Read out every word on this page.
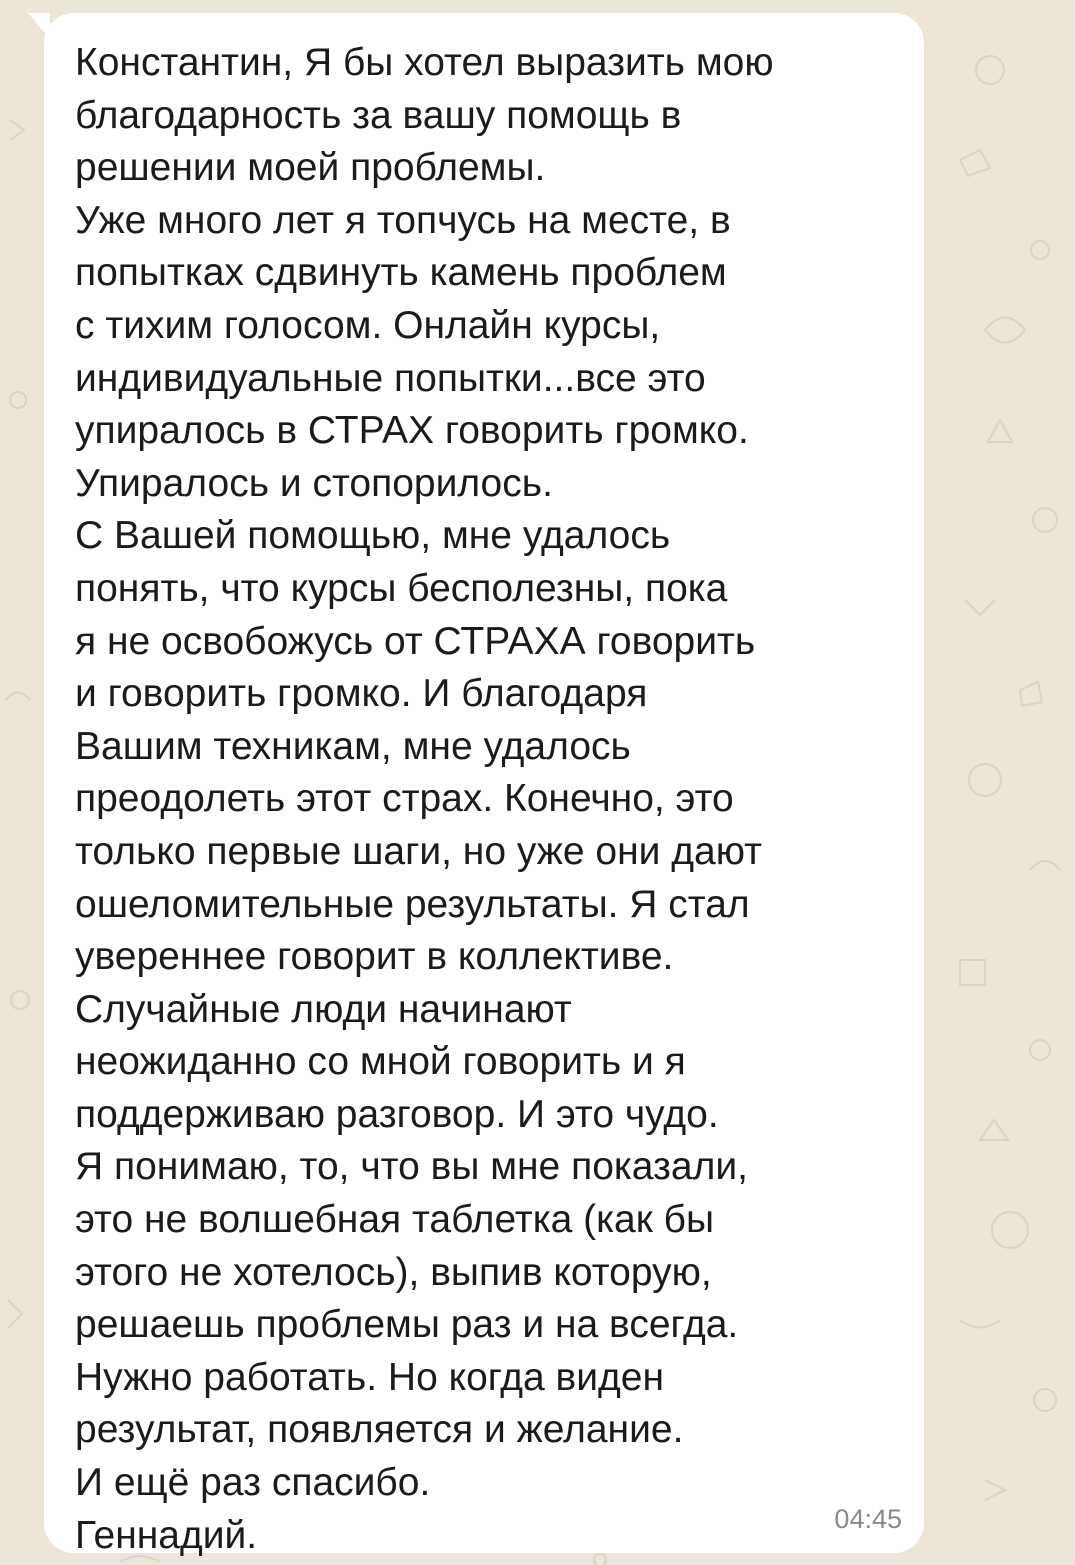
Константин, Я бы хотел выразить мою
благодарность за вашу помощь в
решении моей проблемы.
Уже много лет я топчусь на месте, в
попытках сдвинуть камень проблем
с тихим голосом. Онлайн курсы,
индивидуальные попытки...все это
упиралось в СТРАХ говорить громко.
Упиралось и стопорилось.
С Вашей помощью, мне удалось
понять, что курсы бесполезны, пока
я не освобожусь от СТРАХА говорить
и говорить громко. И благодаря
Вашим техникам, мне удалось
преодолеть этот страх. Конечно, это
только первые шаги, но уже они дают
ошеломительные результаты. Я стал
увереннее говорит в коллективе.
Случайные люди начинают
неожиданно со мной говорить и я
поддерживаю разговор. И это чудо.
Я понимаю, то, что вы мне показали,
это не волшебная таблетка (как бы
этого не хотелось), выпив которую,
решаешь проблемы раз и на всегда.
Нужно работать. Но когда виден
результат, появляется и желание.
И ещё раз спасибо.
Геннадий.	04:45
